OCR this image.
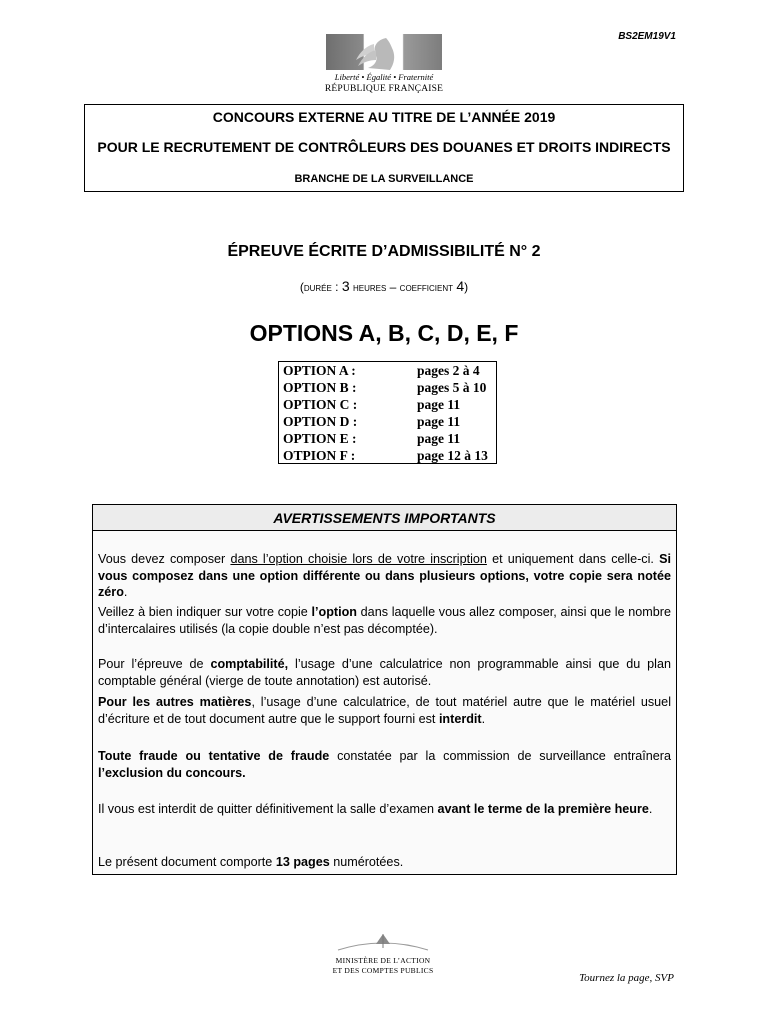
BS2EM19V1
Liberté • Égalité • Fraternité
RÉPUBLIQUE FRANÇAISE
CONCOURS EXTERNE AU TITRE DE L’ANNÉE 2019
POUR LE RECRUTEMENT DE CONTRÔLEURS DES DOUANES ET DROITS INDIRECTS
BRANCHE DE LA SURVEILLANCE
ÉPREUVE ÉCRITE D’ADMISSIBILITÉ N° 2
(durée : 3 heures – coefficient 4)
OPTIONS A, B, C, D, E, F
OPTION A :	pages 2 à 4
OPTION B :	pages 5 à 10
OPTION C :	page 11
OPTION D :	page 11
OPTION E :	page 11
OTPION F :	page 12 à 13
AVERTISSEMENTS IMPORTANTS
Vous devez composer dans l’option choisie lors de votre inscription et uniquement dans celle-ci. Si vous composez dans une option différente ou dans plusieurs options, votre copie sera notée zéro.
Veillez à bien indiquer sur votre copie l’option dans laquelle vous allez composer, ainsi que le nombre d’intercalaires utilisés (la copie double n’est pas décomptée).
Pour l’épreuve de comptabilité, l’usage d’une calculatrice non programmable ainsi que du plan comptable général (vierge de toute annotation) est autorisé.
Pour les autres matières, l’usage d’une calculatrice, de tout matériel autre que le matériel usuel d’écriture et de tout document autre que le support fourni est interdit.
Toute fraude ou tentative de fraude constatée par la commission de surveillance entraînera l’exclusion du concours.
Il vous est interdit de quitter définitivement la salle d’examen avant le terme de la première heure.
Le présent document comporte 13 pages numérotées.
MINISTÈRE DE L’ACTION
ET DES COMPTES PUBLICS
Tournez la page, SVP
